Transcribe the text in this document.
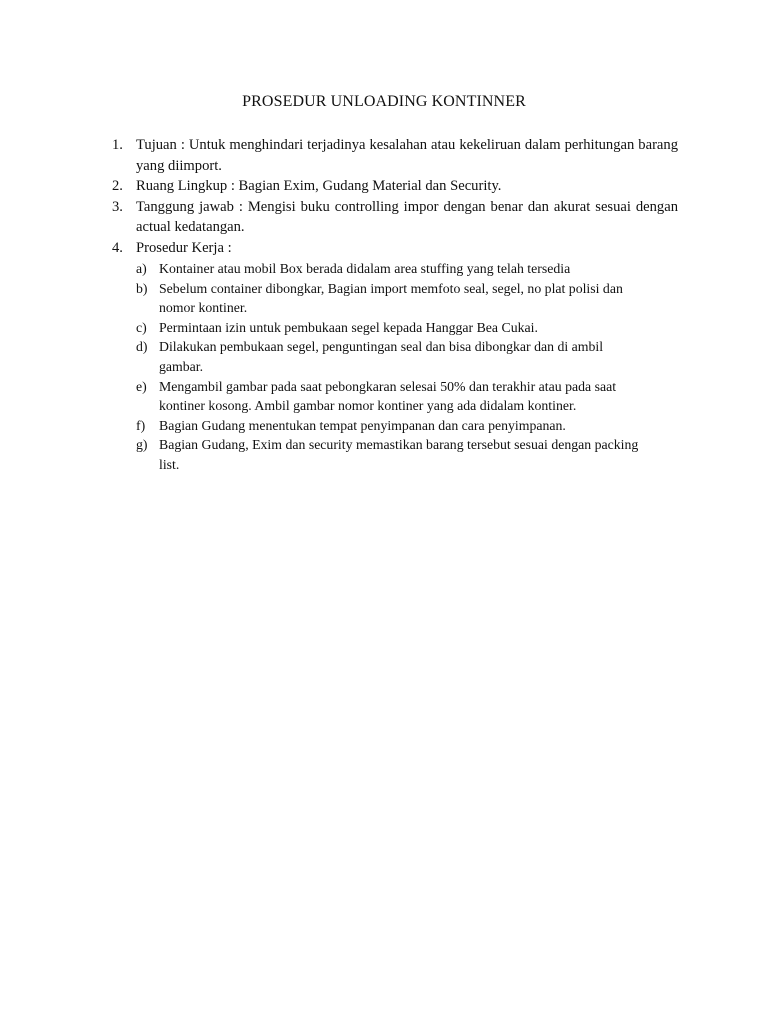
PROSEDUR UNLOADING KONTINNER
1. Tujuan : Untuk menghindari terjadinya kesalahan atau kekeliruan dalam perhitungan barang yang diimport.
2. Ruang Lingkup : Bagian Exim, Gudang Material dan Security.
3. Tanggung jawab : Mengisi buku controlling impor dengan benar dan akurat sesuai dengan actual kedatangan.
4. Prosedur Kerja :
a) Kontainer atau mobil Box berada didalam area stuffing yang telah tersedia
b) Sebelum container dibongkar, Bagian import memfoto seal, segel, no plat polisi dan nomor kontiner.
c) Permintaan izin untuk pembukaan segel kepada Hanggar Bea Cukai.
d) Dilakukan pembukaan segel, penguntingan seal dan bisa dibongkar dan di ambil gambar.
e) Mengambil gambar pada saat pebongkaran selesai 50% dan terakhir atau pada saat kontiner kosong. Ambil gambar nomor kontiner yang ada didalam kontiner.
f) Bagian Gudang menentukan tempat penyimpanan dan cara penyimpanan.
g) Bagian Gudang, Exim dan security memastikan barang tersebut sesuai dengan packing list.
